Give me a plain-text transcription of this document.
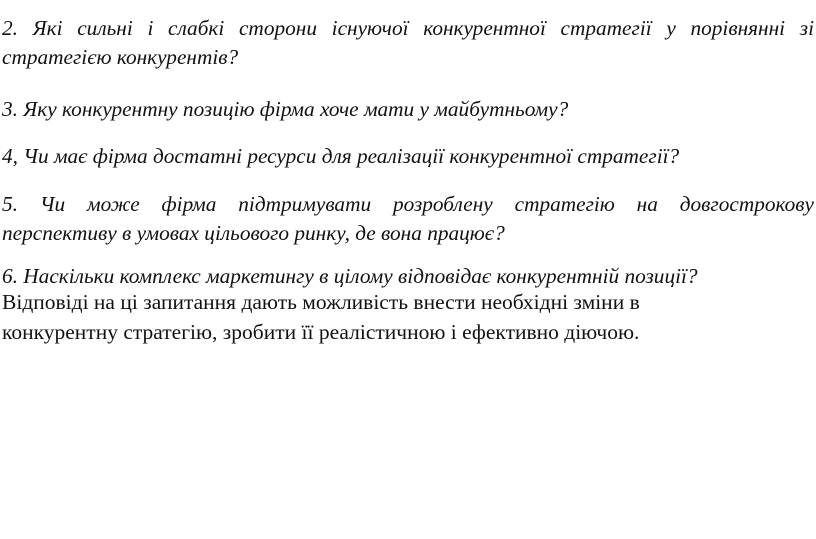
2. Які сильні і слабкі сторони існуючої конкурентної стратегії у порівнянні зі
стратегією конкурентів?

3. Яку конкурентну позицію фірма хоче мати у майбутньому?

4, Чи має фірма достатні ресурси для реалізації конкурентної стратегії?

5. Чи може фірма підтримувати розроблену стратегію на довгострокову
перспективу в умовах цільового ринку, де вона працює?

6. Наскільки комплекс маркетингу в цілому відповідає конкурентній позиції?

Відповіді на ці запитання дають можливість внести необхідні зміни в
конкурентну стратегію, зробити її реалістичною і ефективно діючою.
